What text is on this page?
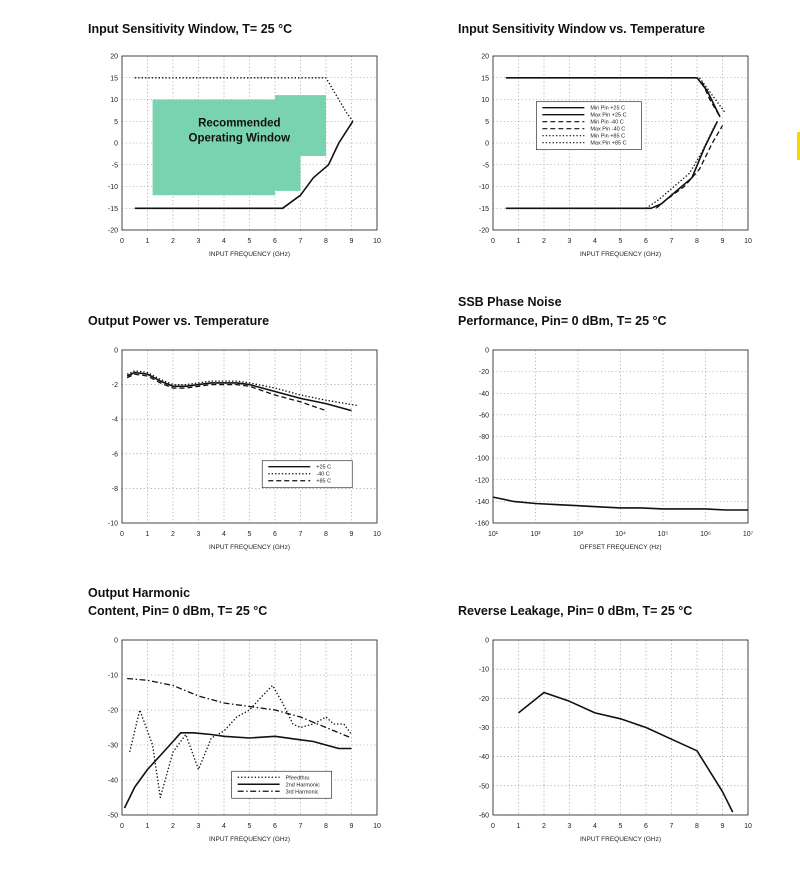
Input Sensitivity Window, T= 25 °C
0	1	2	3	4	5	6	7	8	9	10
-20
-15
-10
-5
0
5
10
15
20
INPUT FREQUENCY (GHz)
Recommended
Operating Window
Input Sensitivity Window vs. Temperature
0	1	2	3	4	5	6	7	8	9	10
-20
-15
-10
-5
0
5
10
15
20
INPUT FREQUENCY (GHz)
Min Pin +25 C
Max Pin +25 C
Min Pin -40 C
Max Pin -40 C
Min Pin +85 C
Max Pin +85 C
Output Power vs. Temperature
0	1	2	3	4	5	6	7	8	9	10
-10
-8
-6
-4
-2
0
INPUT FREQUENCY (GHz)
+25 C
-40 C
+85 C
SSB Phase Noise
Performance, Pin= 0 dBm, T= 25 °C
10¹	10²	10³	10⁴	10⁵	10⁶	10⁷
-160
-140
-120
-100
-80
-60
-40
-20
0
OFFSET FREQUENCY (Hz)
Output Harmonic
Content, Pin= 0 dBm, T= 25 °C
0	1	2	3	4	5	6	7	8	9	10
-50
-40
-30
-20
-10
0
INPUT FREQUENCY (GHz)
Pfeedthru
2nd Harmonic
3rd Harmonic
Reverse Leakage, Pin= 0 dBm, T= 25 °C
0	1	2	3	4	5	6	7	8	9	10
-60
-50
-40
-30
-20
-10
0
INPUT FREQUENCY (GHz)
